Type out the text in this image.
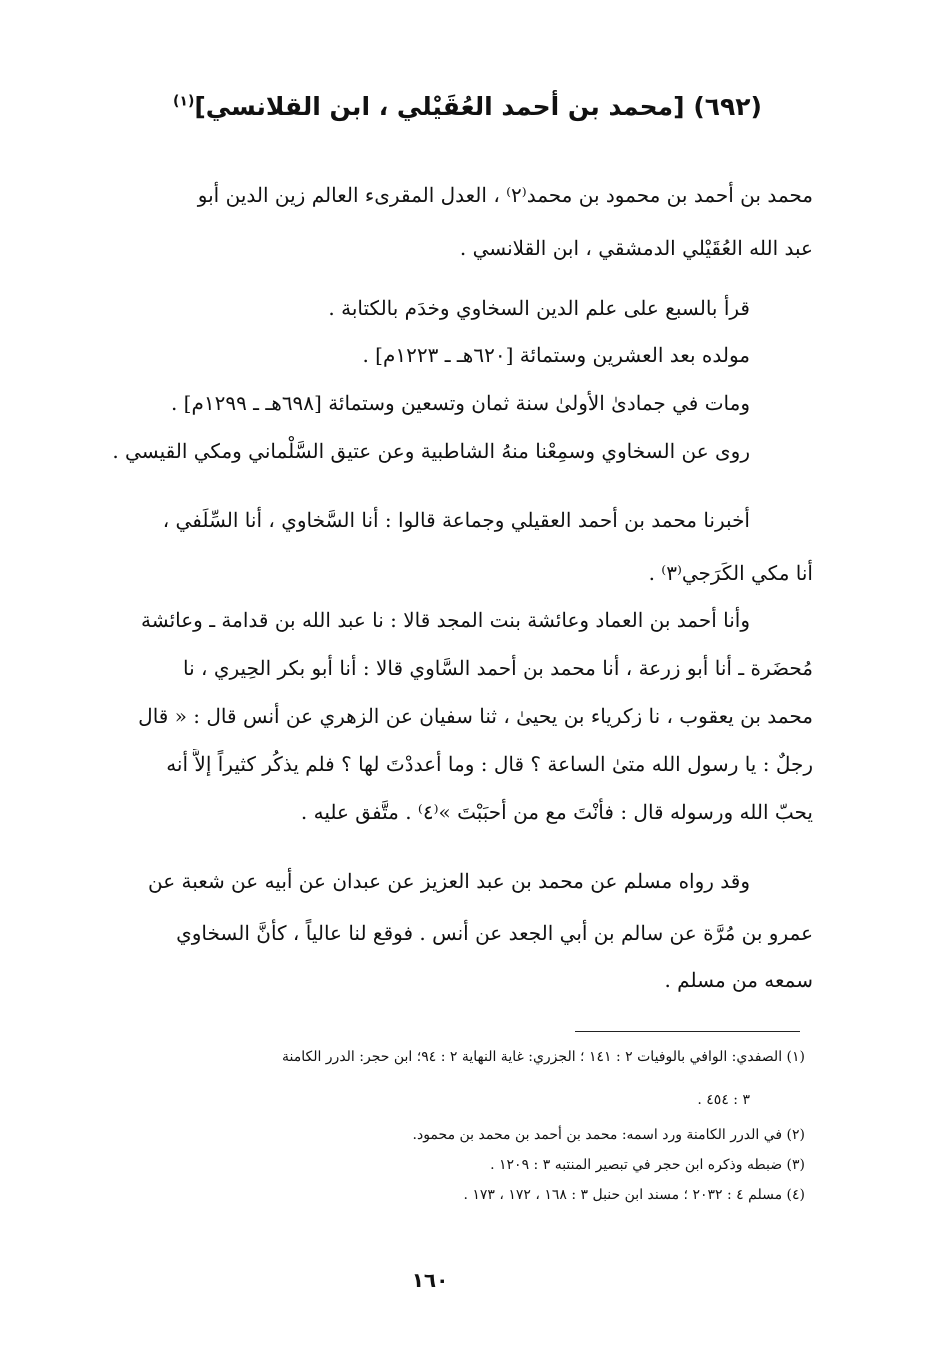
(٦٩٢) [محمد بن أحمد العُقَيْلي ، ابن القلانسي]$^{(١)}$
محمد بن أحمد بن محمود بن محمد⁽٢⁾ ، العدل المقرىء العالم زين الدين أبو
عبد الله العُقَيْلي الدمشقي ، ابن القلانسي .
قرأ بالسبع على علم الدين السخاوي وخدَم بالكتابة .
مولده بعد العشرين وستمائة [٦٢٠هـ ـ ١٢٢٣م] .
ومات في جمادىٰ الأولىٰ سنة ثمان وتسعين وستمائة [٦٩٨هـ ـ ١٢٩٩م] .
روى عن السخاوي وسمِعْنا منهُ الشاطبية وعن عتيق السَّلْماني ومكي القيسي .
أخبرنا محمد بن أحمد العقيلي وجماعة قالوا : أنا السَّخاوي ، أنا السِّلَفي ،
أنا مكي الكَرَجي⁽٣⁾ .
وأنا أحمد بن العماد وعائشة بنت المجد قالا : نا عبد الله بن قدامة ـ وعائشة
مُحضَرة ـ أنا أبو زرعة ، أنا محمد بن أحمد السَّاوي قالا : أنا أبو بكر الحِيري ، نا
محمد بن يعقوب ، نا زكرياء بن يحيىٰ ، ثنا سفيان عن الزهري عن أنس قال : « قال
رجلٌ : يا رسول الله متىٰ الساعة ؟ قال : وما أعددْتَ لها ؟ فلم يذكُر كثيراً إلاَّ أنه
يحبّ الله ورسوله قال : فأنْتَ مع من أحبَبْتَ »⁽٤⁾ . متَّفق عليه .
وقد رواه مسلم عن محمد بن عبد العزيز عن عبدان عن أبيه عن شعبة عن
عمرو بن مُرَّة عن سالم بن أبي الجعد عن أنس . فوقع لنا عالياً ، كأنَّ السخاوي
سمعه من مسلم .
(١) الصفدي: الوافي بالوفيات ٢ : ١٤١ ؛ الجزري: غاية النهاية ٢ : ٩٤؛ ابن حجر: الدرر الكامنة
٣ : ٤٥٤ .
(٢) في الدرر الكامنة ورد اسمه: محمد بن أحمد بن محمد بن محمود.
(٣) ضبطه وذكره ابن حجر في تبصير المنتبه ٣ : ١٢٠٩ .
(٤) مسلم ٤ : ٢٠٣٢ ؛ مسند ابن حنبل ٣ : ١٦٨ ، ١٧٢ ، ١٧٣ .
١٦٠
